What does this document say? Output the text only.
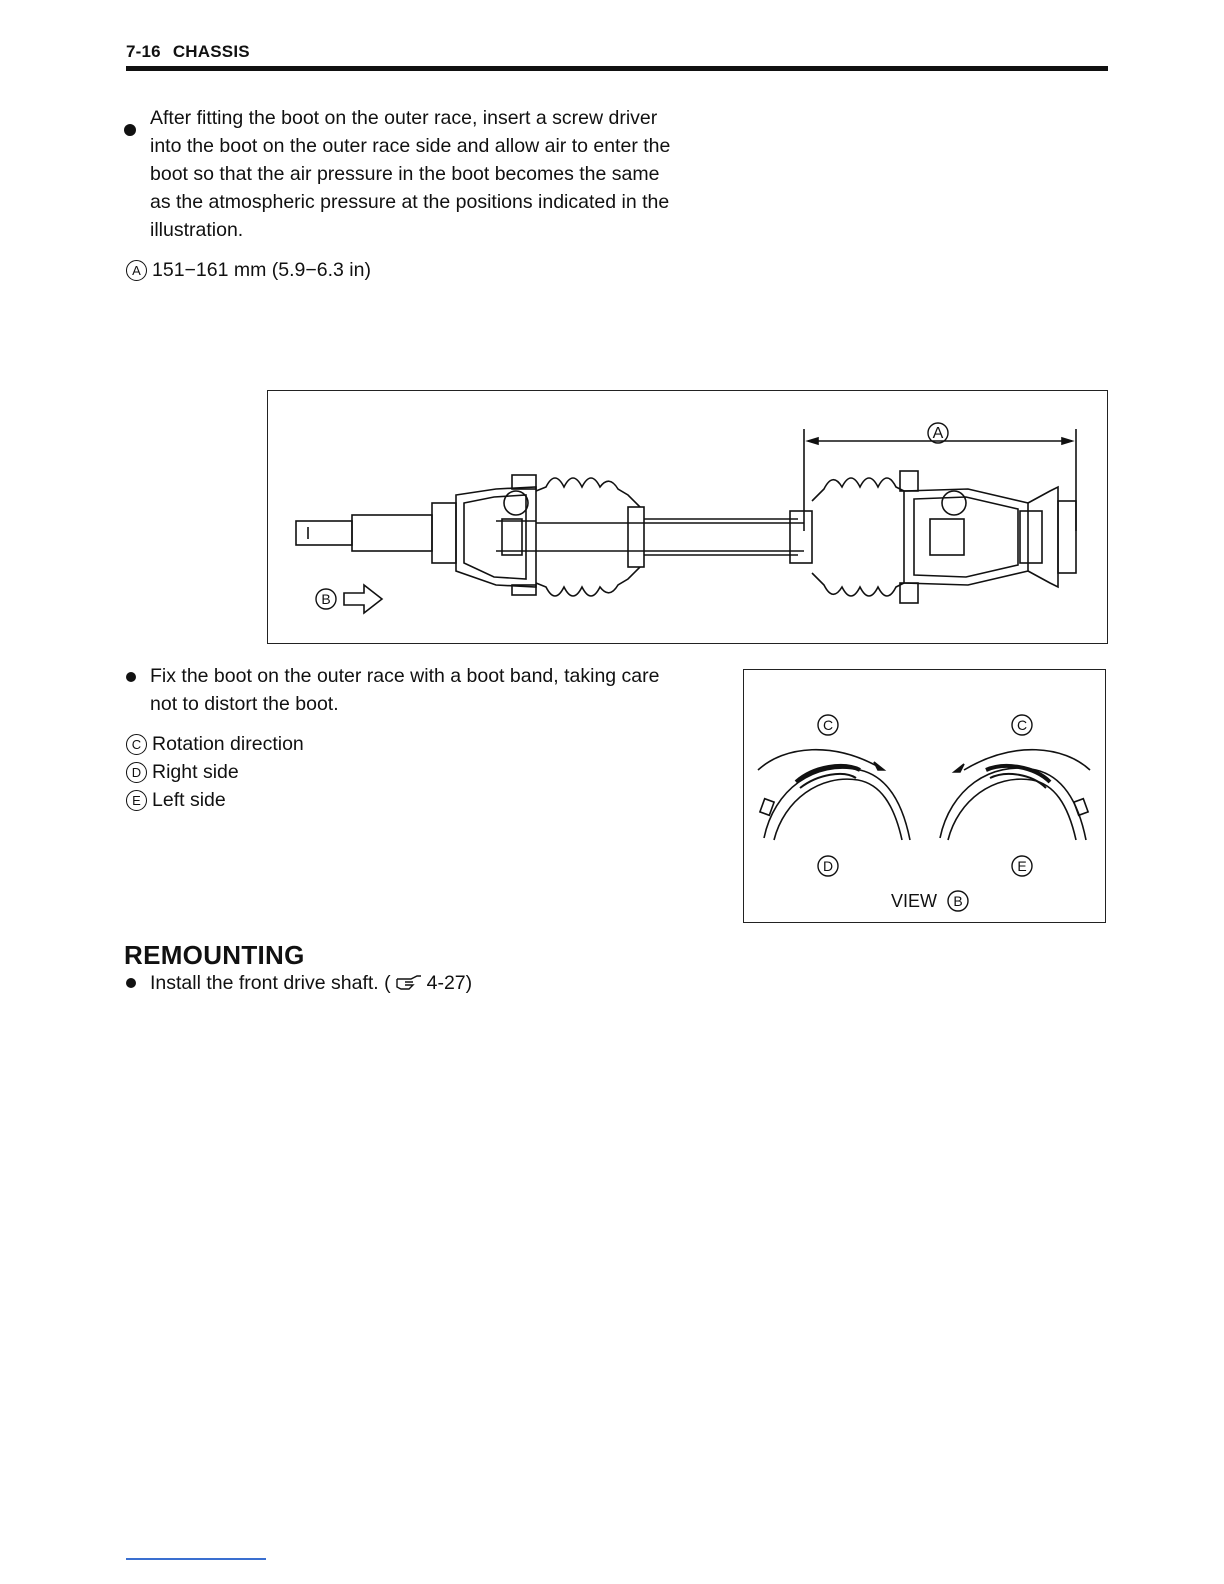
7-16 CHASSIS
After fitting the boot on the outer race, insert a screw driver
into the boot on the outer race side and allow air to enter the
boot so that the air pressure in the boot becomes the same
as the atmospheric pressure at the positions indicated in the
illustration.
A 151−161 mm (5.9−6.3 in)
A
B
Fix the boot on the outer race with a boot band, taking care
not to distort the boot.
C Rotation direction
D Right side
E Left side
C	C
D	E
VIEW B
REMOUNTING
Install the front drive shaft. ( 4-27)
